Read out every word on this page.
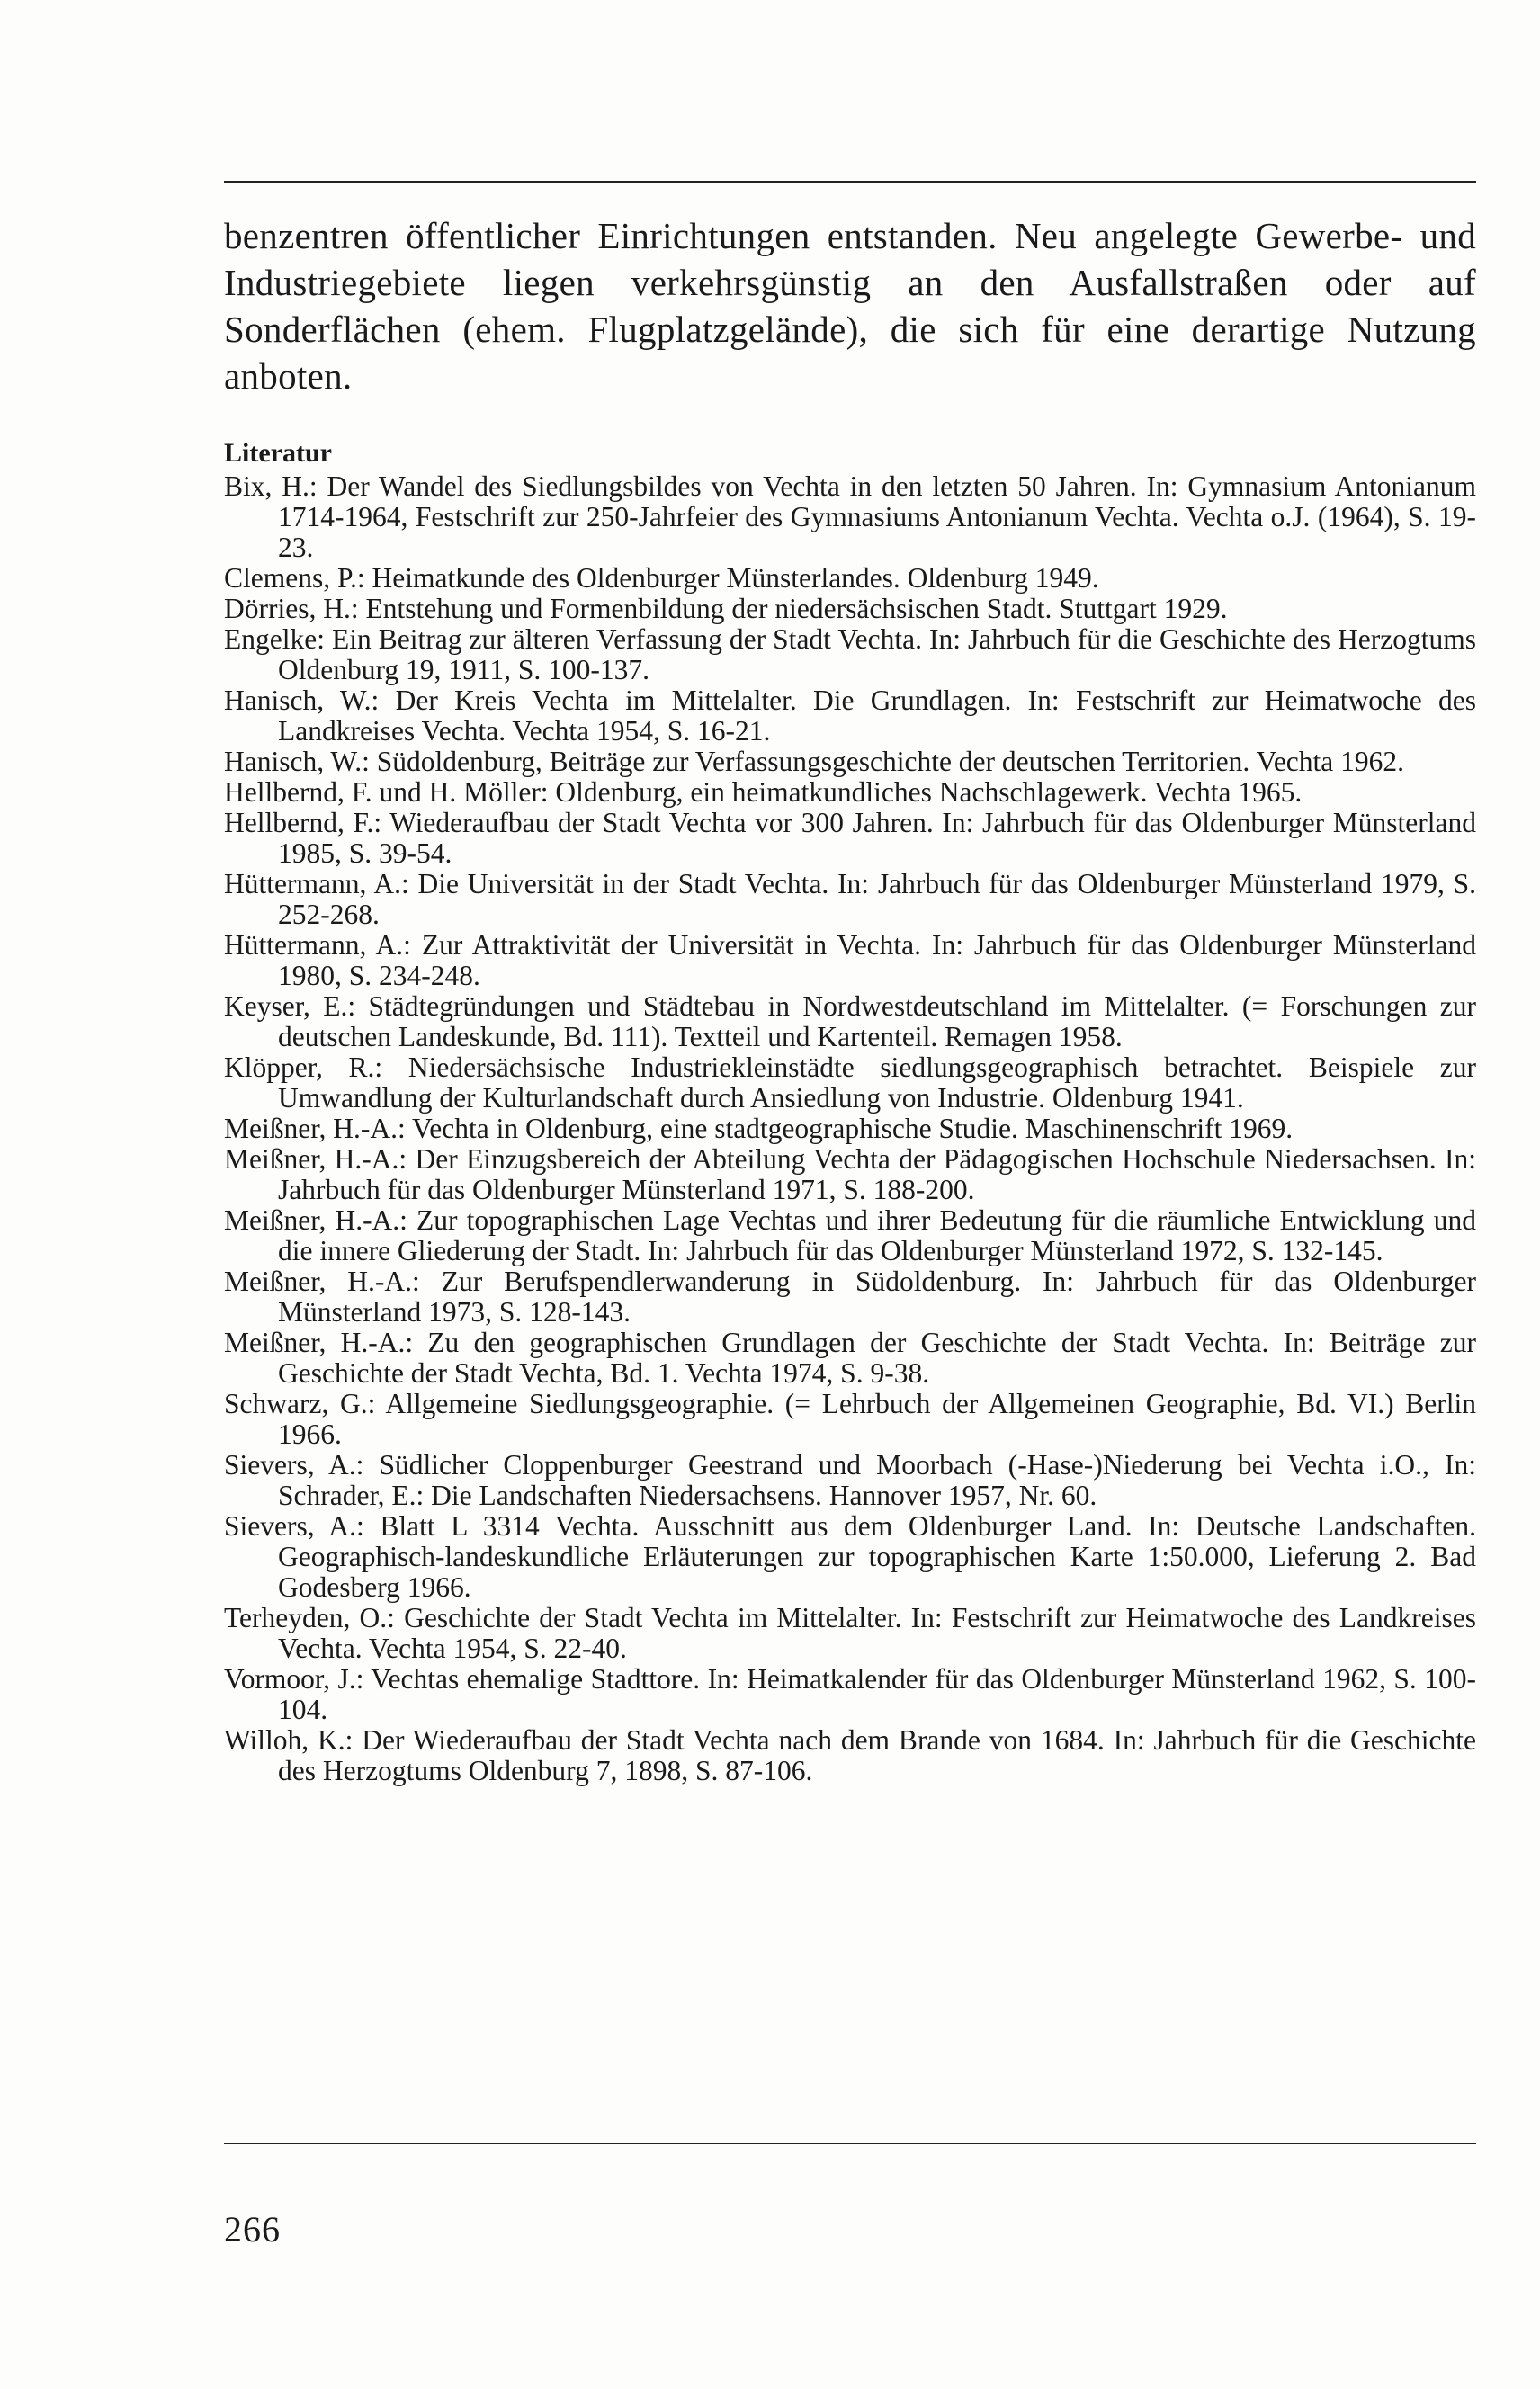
benzentren öffentlicher Einrichtungen entstanden. Neu angelegte Gewerbe- und Industriegebiete liegen verkehrsgünstig an den Ausfallstraßen oder auf Sonderflächen (ehem. Flugplatzgelände), die sich für eine derartige Nutzung anboten.

Literatur
Bix, H.: Der Wandel des Siedlungsbildes von Vechta in den letzten 50 Jahren. In: Gymnasium Antonianum 1714-1964, Festschrift zur 250-Jahrfeier des Gymnasiums Antonianum Vechta. Vechta o.J. (1964), S. 19-23.
Clemens, P.: Heimatkunde des Oldenburger Münsterlandes. Oldenburg 1949.
Dörries, H.: Entstehung und Formenbildung der niedersächsischen Stadt. Stuttgart 1929.
Engelke: Ein Beitrag zur älteren Verfassung der Stadt Vechta. In: Jahrbuch für die Geschichte des Herzogtums Oldenburg 19, 1911, S. 100-137.
Hanisch, W.: Der Kreis Vechta im Mittelalter. Die Grundlagen. In: Festschrift zur Heimatwoche des Landkreises Vechta. Vechta 1954, S. 16-21.
Hanisch, W.: Südoldenburg, Beiträge zur Verfassungsgeschichte der deutschen Territorien. Vechta 1962.
Hellbernd, F. und H. Möller: Oldenburg, ein heimatkundliches Nachschlagewerk. Vechta 1965.
Hellbernd, F.: Wiederaufbau der Stadt Vechta vor 300 Jahren. In: Jahrbuch für das Oldenburger Münsterland 1985, S. 39-54.
Hüttermann, A.: Die Universität in der Stadt Vechta. In: Jahrbuch für das Oldenburger Münsterland 1979, S. 252-268.
Hüttermann, A.: Zur Attraktivität der Universität in Vechta. In: Jahrbuch für das Oldenburger Münsterland 1980, S. 234-248.
Keyser, E.: Städtegründungen und Städtebau in Nordwestdeutschland im Mittelalter. (= Forschungen zur deutschen Landeskunde, Bd. 111). Textteil und Kartenteil. Remagen 1958.
Klöpper, R.: Niedersächsische Industriekleinstädte siedlungsgeographisch betrachtet. Beispiele zur Umwandlung der Kulturlandschaft durch Ansiedlung von Industrie. Oldenburg 1941.
Meißner, H.-A.: Vechta in Oldenburg, eine stadtgeographische Studie. Maschinenschrift 1969.
Meißner, H.-A.: Der Einzugsbereich der Abteilung Vechta der Pädagogischen Hochschule Niedersachsen. In: Jahrbuch für das Oldenburger Münsterland 1971, S. 188-200.
Meißner, H.-A.: Zur topographischen Lage Vechtas und ihrer Bedeutung für die räumliche Entwicklung und die innere Gliederung der Stadt. In: Jahrbuch für das Oldenburger Münsterland 1972, S. 132-145.
Meißner, H.-A.: Zur Berufspendlerwanderung in Südoldenburg. In: Jahrbuch für das Oldenburger Münsterland 1973, S. 128-143.
Meißner, H.-A.: Zu den geographischen Grundlagen der Geschichte der Stadt Vechta. In: Beiträge zur Geschichte der Stadt Vechta, Bd. 1. Vechta 1974, S. 9-38.
Schwarz, G.: Allgemeine Siedlungsgeographie. (= Lehrbuch der Allgemeinen Geographie, Bd. VI.) Berlin 1966.
Sievers, A.: Südlicher Cloppenburger Geestrand und Moorbach (-Hase-)Niederung bei Vechta i.O., In: Schrader, E.: Die Landschaften Niedersachsens. Hannover 1957, Nr. 60.
Sievers, A.: Blatt L 3314 Vechta. Ausschnitt aus dem Oldenburger Land. In: Deutsche Landschaften. Geographisch-landeskundliche Erläuterungen zur topographischen Karte 1:50.000, Lieferung 2. Bad Godesberg 1966.
Terheyden, O.: Geschichte der Stadt Vechta im Mittelalter. In: Festschrift zur Heimatwoche des Landkreises Vechta. Vechta 1954, S. 22-40.
Vormoor, J.: Vechtas ehemalige Stadttore. In: Heimatkalender für das Oldenburger Münsterland 1962, S. 100-104.
Willoh, K.: Der Wiederaufbau der Stadt Vechta nach dem Brande von 1684. In: Jahrbuch für die Geschichte des Herzogtums Oldenburg 7, 1898, S. 87-106.
266
